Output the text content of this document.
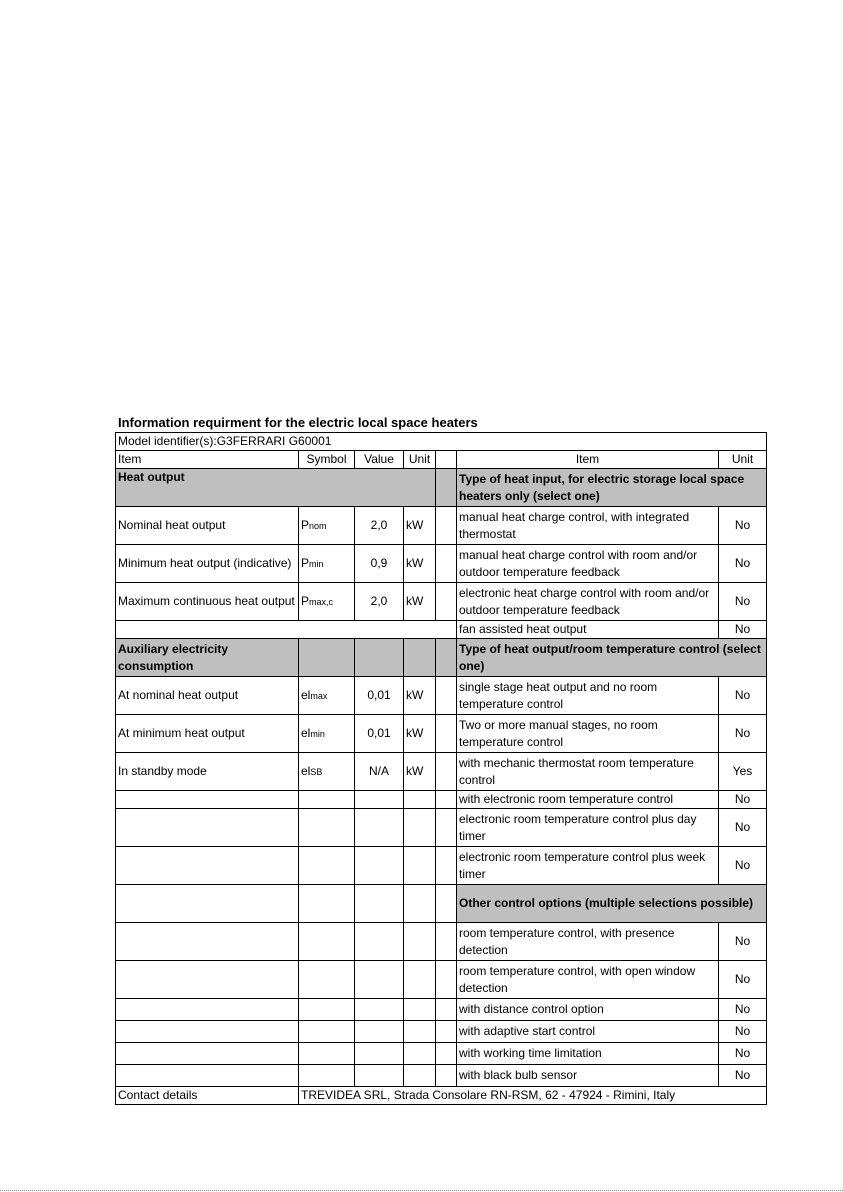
Information requirment for the electric local space heaters
Model identifier(s):G3FERRARI G60001						
Item	Symbol	Value	Unit		Item	Unit
Heat output					Type of heat input, for electric storage local space heaters only (select one)	
Nominal heat output	Pnom	2,0	kW		manual heat charge control, with integrated thermostat	No
Minimum heat output (indicative)	Pmin	0,9	kW		manual heat charge control with room and/or outdoor temperature feedback	No
Maximum continuous heat output	Pmax,c	2,0	kW		electronic heat charge control with room and/or outdoor temperature feedback	No
					fan assisted heat output	No
Auxiliary electricity consumption					Type of heat output/room temperature control (select one)	
At nominal heat output	elmax	0,01	kW		single stage heat output and no room temperature control	No
At minimum heat output	elmin	0,01	kW		Two or more manual stages, no room temperature control	No
In standby mode	elSB	N/A	kW		with mechanic thermostat room temperature control	Yes
					with electronic room temperature control	No
					electronic room temperature control plus day timer	No
					electronic room temperature control plus week timer	No
					Other control options (multiple selections possible)	
					room temperature control, with presence detection	No
					room temperature control, with open window detection	No
					with distance control option	No
					with adaptive start control	No
					with working time limitation	No
					with black bulb sensor	No
Contact details	TREVIDEA SRL, Strada Consolare RN-RSM, 62 - 47924 - Rimini, Italy					
